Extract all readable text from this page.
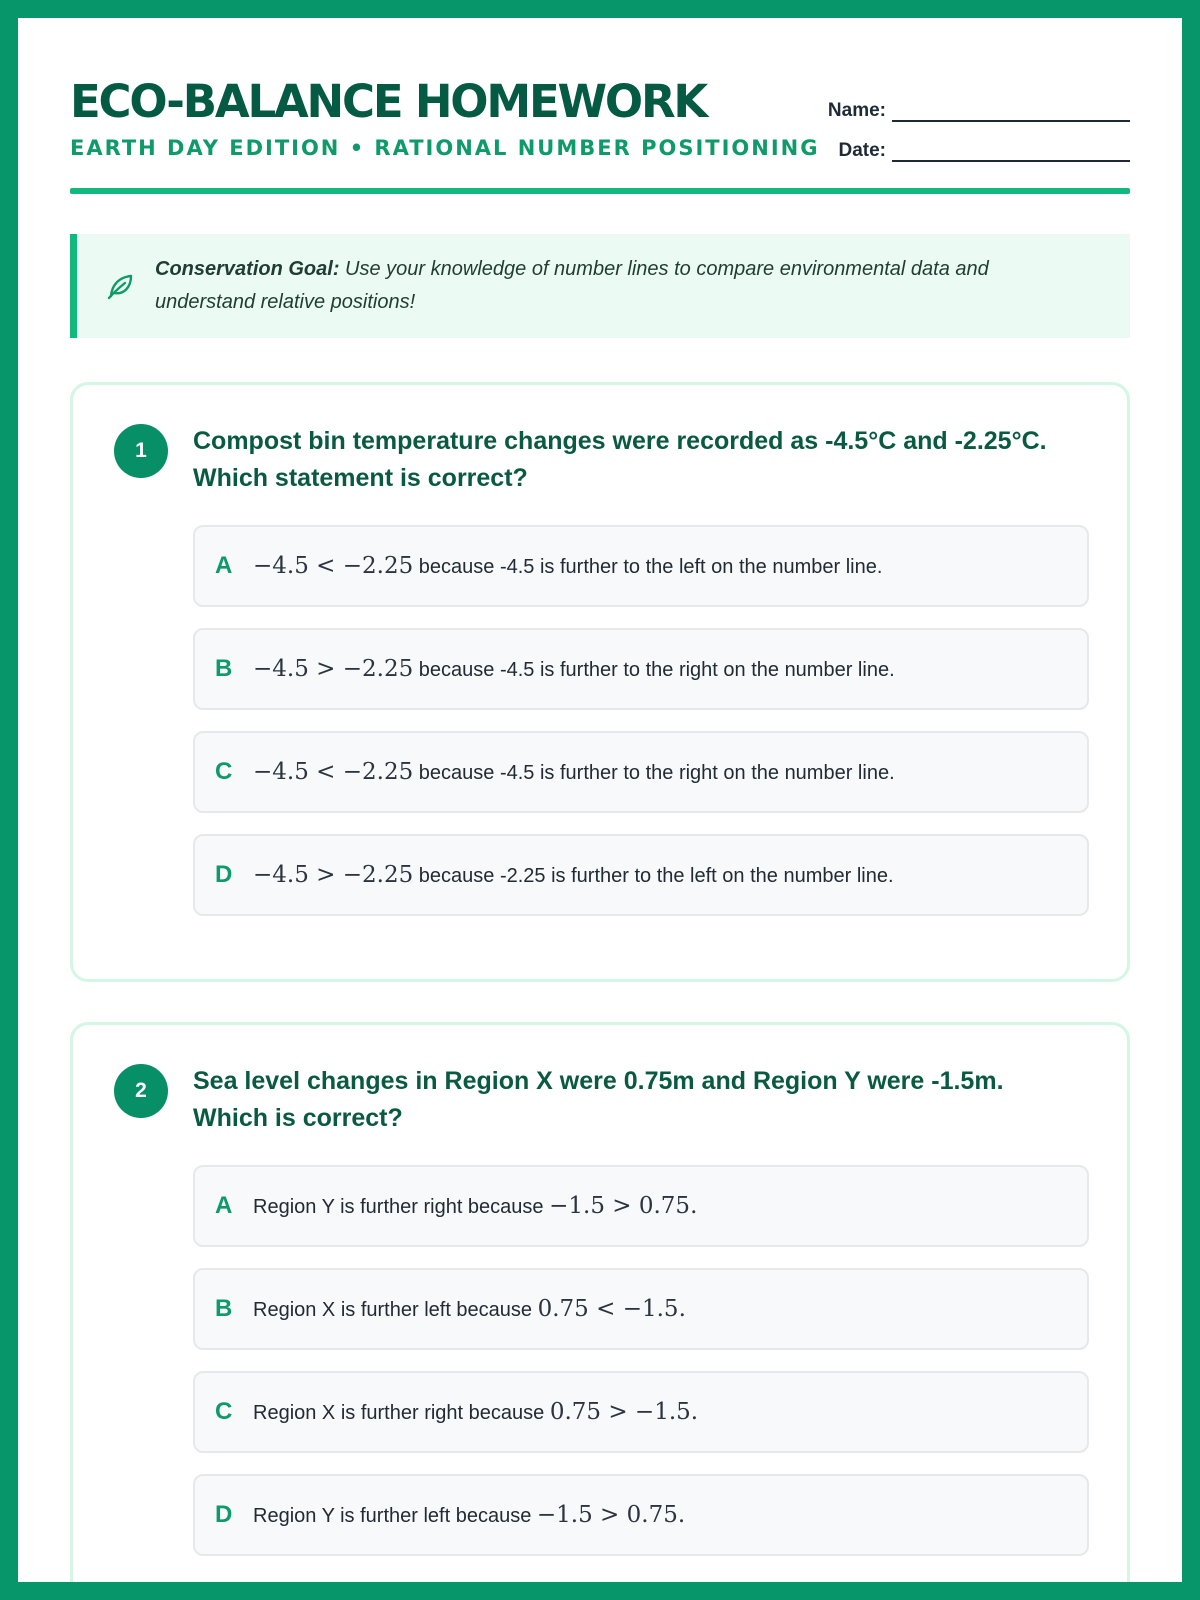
ECO-BALANCE HOMEWORK
EARTH DAY EDITION • RATIONAL NUMBER POSITIONING
Name:
Date:
Conservation Goal: Use your knowledge of number lines to compare environmental data and understand relative positions!
1	Compost bin temperature changes were recorded as -4.5°C and -2.25°C. Which statement is correct?
A −4.5 < −2.25 because -4.5 is further to the left on the number line.
B −4.5 > −2.25 because -4.5 is further to the right on the number line.
C −4.5 < −2.25 because -4.5 is further to the right on the number line.
D −4.5 > −2.25 because -2.25 is further to the left on the number line.
2	Sea level changes in Region X were 0.75m and Region Y were -1.5m. Which is correct?
A	Region Y is further right because −1.5 > 0.75.
B	Region X is further left because 0.75 < −1.5.
C	Region X is further right because 0.75 > −1.5.
D	Region Y is further left because −1.5 > 0.75.
